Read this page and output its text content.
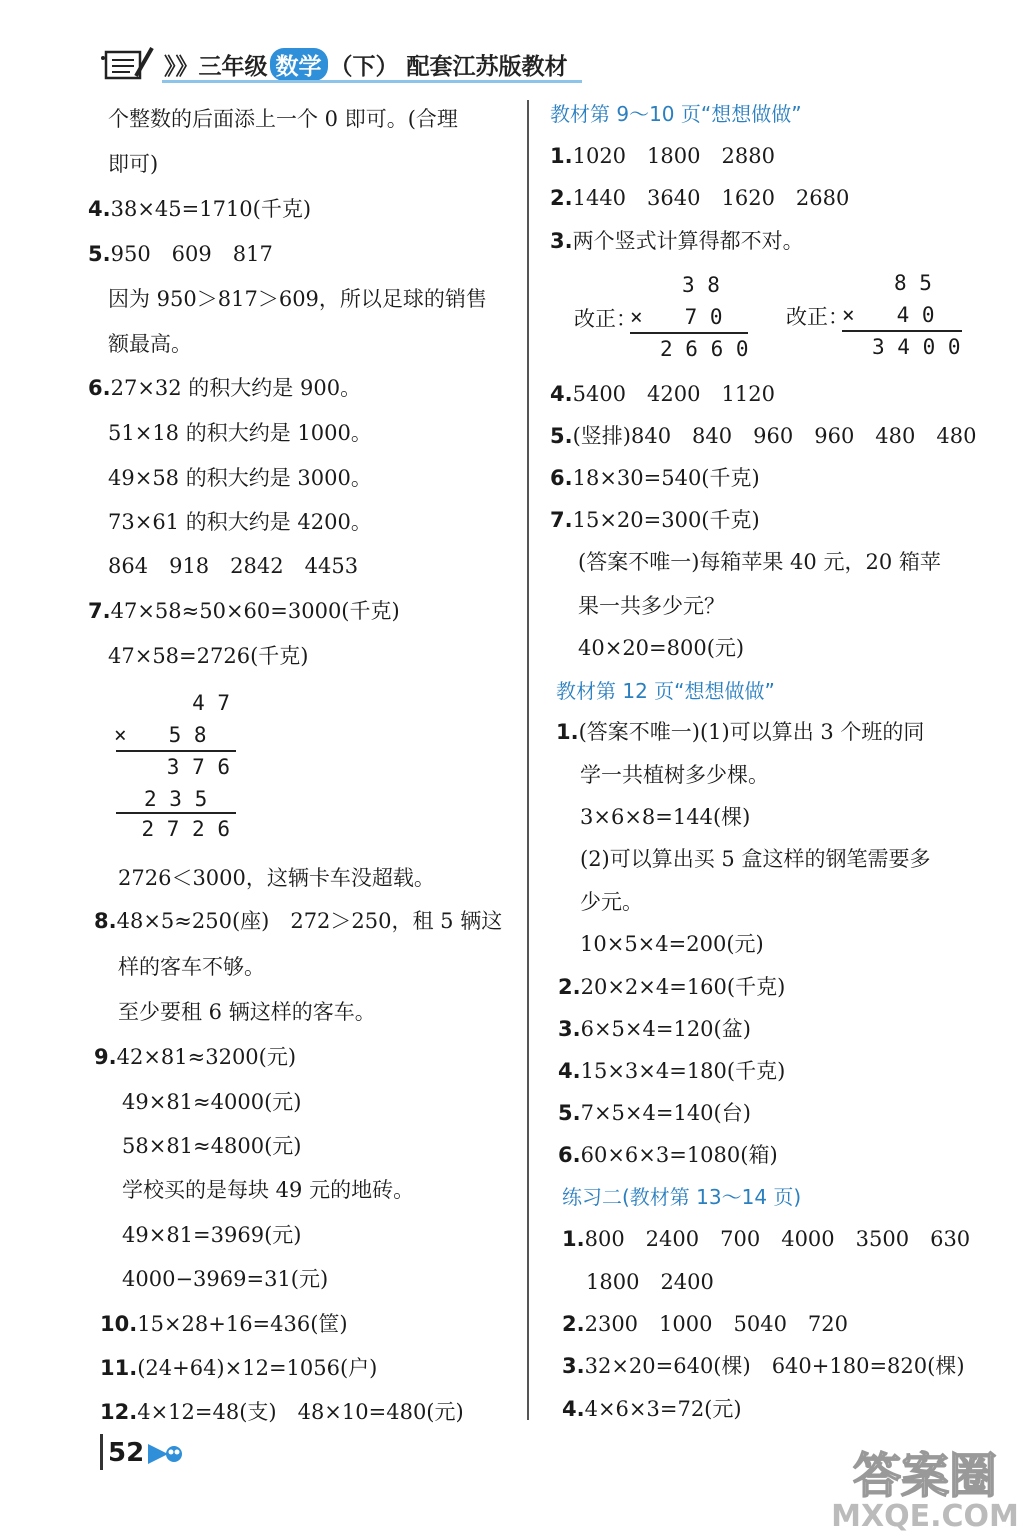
》》三年级 数学 （下） 配套江苏版教材
个整数的后面添上一个 0 即可。(合理
即可)
4.38×45=1710(千克)
5.950　609　817
因为 950＞817＞609，所以足球的销售
额最高。
6.27×32 的积大约是 900。
51×18 的积大约是 1000。
49×58 的积大约是 3000。
73×61 的积大约是 4200。
864　918　2842　4453
7.47×58≈50×60=3000(千克)
47×58=2726(千克)
4 7
×　　5 8
3 7 6
2 3 5
2 7 2 6
2726＜3000，这辆卡车没超载。
8.48×5≈250(座)　272＞250，租 5 辆这
样的客车不够。
至少要租 6 辆这样的客车。
9.42×81≈3200(元)
49×81≈4000(元)
58×81≈4800(元)
学校买的是每块 49 元的地砖。
49×81=3969(元)
4000−3969=31(元)
10.15×28+16=436(筐)
11.(24+64)×12=1056(户)
12.4×12=48(支)　48×10=480(元)
教材第 9～10 页“想想做做”
1.1020　1800　2880
2.1440　3640　1620　2680
3.两个竖式计算得都不对。
改正：
3 8
×　　7 0
2 6 6 0
改正：
8 5
×　　4 0
3 4 0 0
4.5400　4200　1120
5.(竖排)840　840　960　960　480　480
6.18×30=540(千克)
7.15×20=300(千克)
(答案不唯一)每箱苹果 40 元，20 箱苹
果一共多少元？
40×20=800(元)
教材第 12 页“想想做做”
1.(答案不唯一)(1)可以算出 3 个班的同
学一共植树多少棵。
3×6×8=144(棵)
(2)可以算出买 5 盒这样的钢笔需要多
少元。
10×5×4=200(元)
2.20×2×4=160(千克)
3.6×5×4=120(盆)
4.15×3×4=180(千克)
5.7×5×4=140(台)
6.60×6×3=1080(箱)
练习二(教材第 13～14 页)
1.800　2400　700　4000　3500　630
1800　2400
2.2300　1000　5040　720
3.32×20=640(棵)　640+180=820(棵)
4.4×6×3=72(元)
52	答案圈
MXQE.COM
